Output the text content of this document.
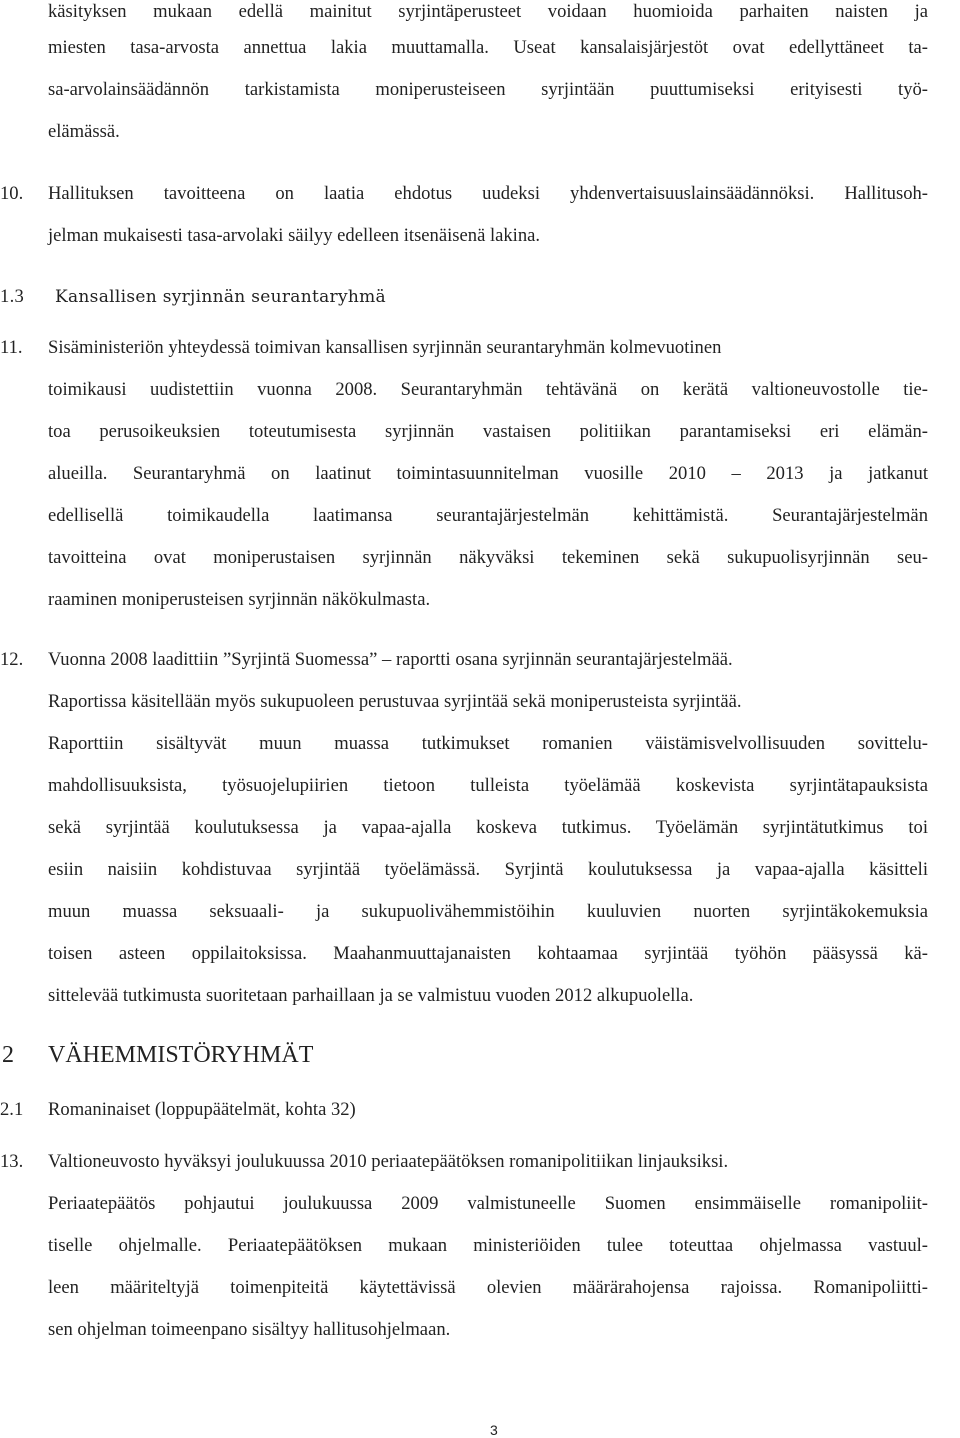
käsityksen mukaan edellä mainitut syrjintäperusteet voidaan huomioida parhaiten naisten ja
miesten tasa-arvosta annettua lakia muuttamalla. Useat kansalaisjärjestöt ovat edellyttäneet ta-
sa-arvolainsäädännön tarkistamista moniperusteiseen syrjintään puuttumiseksi erityisesti työ-
elämässä.
10.	Hallituksen tavoitteena on laatia ehdotus uudeksi yhdenvertaisuuslainsäädännöksi. Hallitusoh-
jelman mukaisesti tasa-arvolaki säilyy edelleen itsenäisenä lakina.
1.3 Kansallisen syrjinnän seurantaryhmä
11.	Sisäministeriön yhteydessä toimivan kansallisen syrjinnän seurantaryhmän kolmevuotinen
toimikausi uudistettiin vuonna 2008. Seurantaryhmän tehtävänä on kerätä valtioneuvostolle tie-
toa perusoikeuksien toteutumisesta syrjinnän vastaisen politiikan parantamiseksi eri elämän-
alueilla. Seurantaryhmä on laatinut toimintasuunnitelman vuosille 2010 – 2013 ja jatkanut
edellisellä toimikaudella laatimansa seurantajärjestelmän kehittämistä. Seurantajärjestelmän
tavoitteina ovat moniperustaisen syrjinnän näkyväksi tekeminen sekä sukupuolisyrjinnän seu-
raaminen moniperusteisen syrjinnän näkökulmasta.
12.	Vuonna 2008 laadittiin ”Syrjintä Suomessa” – raportti osana syrjinnän seurantajärjestelmää.
Raportissa käsitellään myös sukupuoleen perustuvaa syrjintää sekä moniperusteista syrjintää.
Raporttiin sisältyvät muun muassa tutkimukset romanien väistämisvelvollisuuden sovittelu-
mahdollisuuksista, työsuojelupiirien tietoon tulleista työelämää koskevista syrjintätapauksista
sekä syrjintää koulutuksessa ja vapaa-ajalla koskeva tutkimus. Työelämän syrjintätutkimus toi
esiin naisiin kohdistuvaa syrjintää työelämässä. Syrjintä koulutuksessa ja vapaa-ajalla käsitteli
muun muassa seksuaali- ja sukupuolivähemmistöihin kuuluvien nuorten syrjintäkokemuksia
toisen asteen oppilaitoksissa. Maahanmuuttajanaisten kohtaamaa syrjintää työhön pääsyssä kä-
sittelevää tutkimusta suoritetaan parhaillaan ja se valmistuu vuoden 2012 alkupuolella.
2 VÄHEMMISTÖRYHMÄT
2.1 Romaninaiset (loppupäätelmät, kohta 32)
13.	Valtioneuvosto hyväksyi joulukuussa 2010 periaatepäätöksen romanipolitiikan linjauksiksi.
Periaatepäätös pohjautui joulukuussa 2009 valmistuneelle Suomen ensimmäiselle romanipoliit-
tiselle ohjelmalle. Periaatepäätöksen mukaan ministeriöiden tulee toteuttaa ohjelmassa vastuul-
leen määriteltyjä toimenpiteitä käytettävissä olevien määrärahojensa rajoissa. Romanipoliitti-
sen ohjelman toimeenpano sisältyy hallitusohjelmaan.
3
